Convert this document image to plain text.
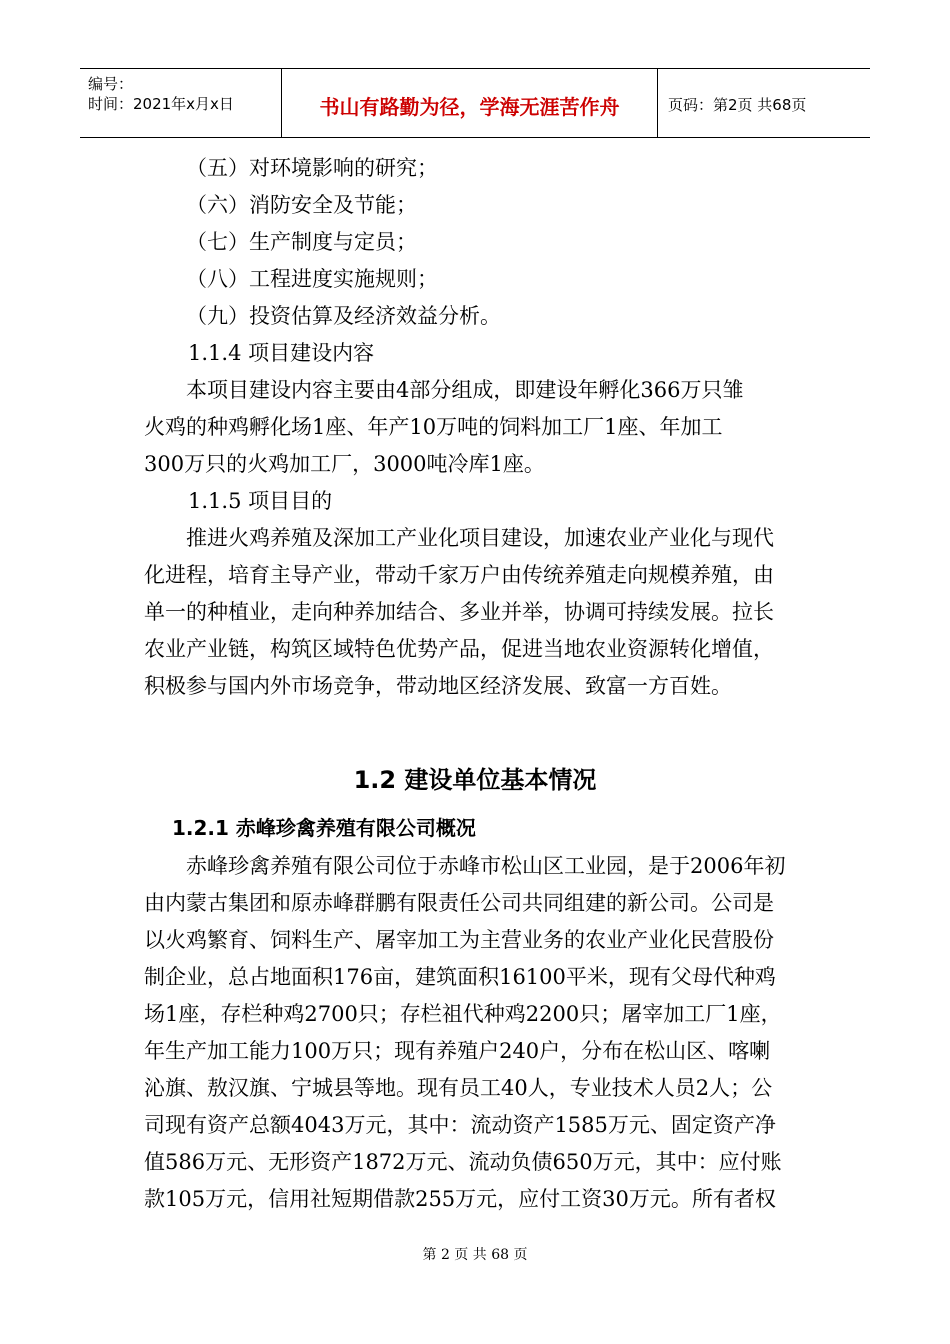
编号：
时间：2021年x月x日	书山有路勤为径，学海无涯苦作舟	页码：第2页 共68页

（五）对环境影响的研究；

（六）消防安全及节能；

（七）生产制度与定员；

（八）工程进度实施规则；

（九）投资估算及经济效益分析。

1.1.4 项目建设内容

本项目建设内容主要由4部分组成，即建设年孵化366万只雏

火鸡的种鸡孵化场1座、年产10万吨的饲料加工厂1座、年加工

300万只的火鸡加工厂，3000吨冷库1座。

1.1.5 项目目的

推进火鸡养殖及深加工产业化项目建设，加速农业产业化与现代

化进程，培育主导产业，带动千家万户由传统养殖走向规模养殖，由

单一的种植业，走向种养加结合、多业并举，协调可持续发展。拉长

农业产业链，构筑区域特色优势产品，促进当地农业资源转化增值，

积极参与国内外市场竞争，带动地区经济发展、致富一方百姓。

1.2 建设单位基本情况
1.2.1 赤峰珍禽养殖有限公司概况

赤峰珍禽养殖有限公司位于赤峰市松山区工业园，是于2006年初

由内蒙古集团和原赤峰群鹏有限责任公司共同组建的新公司。公司是

以火鸡繁育、饲料生产、屠宰加工为主营业务的农业产业化民营股份

制企业，总占地面积176亩，建筑面积16100平米，现有父母代种鸡

场1座，存栏种鸡2700只；存栏祖代种鸡2200只；屠宰加工厂1座，

年生产加工能力100万只；现有养殖户240户，分布在松山区、喀喇

沁旗、敖汉旗、宁城县等地。现有员工40人，专业技术人员2人；公

司现有资产总额4043万元，其中：流动资产1585万元、固定资产净

值586万元、无形资产1872万元、流动负债650万元，其中：应付账

款105万元，信用社短期借款255万元，应付工资30万元。所有者权

第 2 页 共 68 页
